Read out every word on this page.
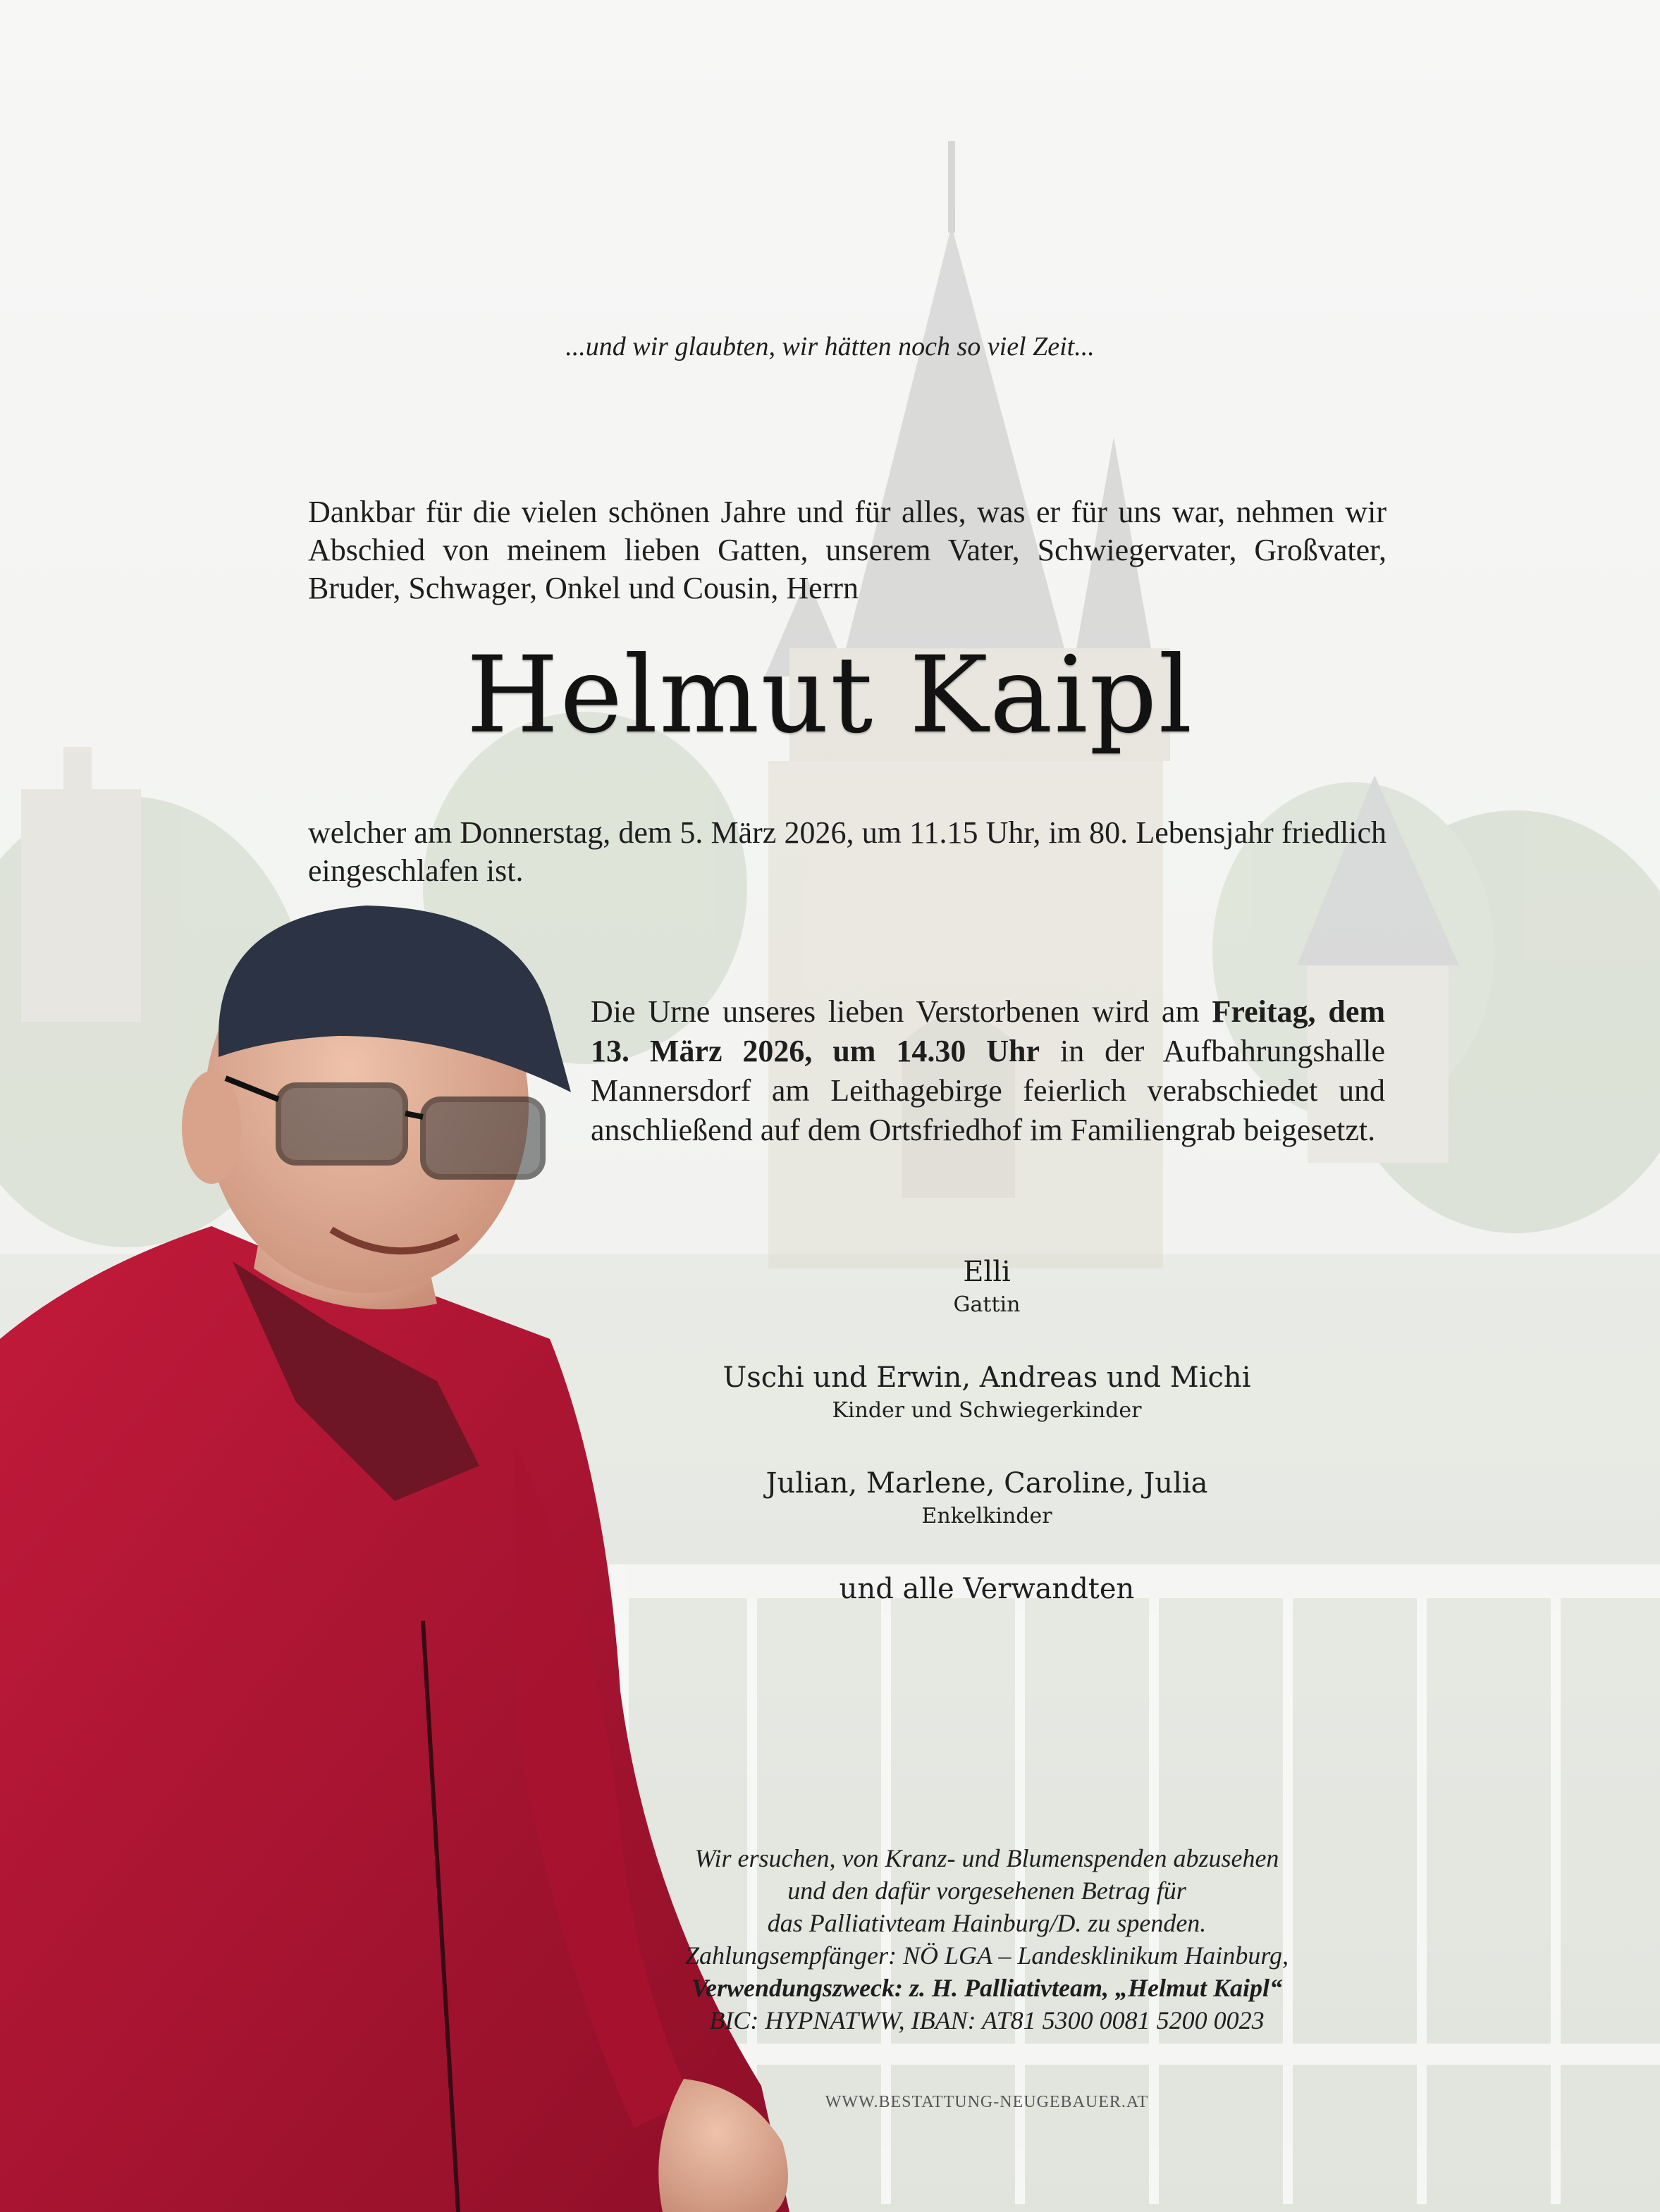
...und wir glaubten, wir hätten noch so viel Zeit...
Dankbar für die vielen schönen Jahre und für alles, was er für uns war, nehmen wir Abschied von meinem lieben Gatten, unserem Vater, Schwiegervater, Großvater, Bruder, Schwager, Onkel und Cousin, Herrn
Helmut Kaipl
welcher am Donnerstag, dem 5. März 2026, um 11.15 Uhr, im 80. Lebensjahr friedlich eingeschlafen ist.
Die Urne unseres lieben Verstorbenen wird am Freitag, dem 13. März 2026, um 14.30 Uhr in der Aufbahrungshalle Mannersdorf am Leithagebirge feierlich verabschiedet und anschließend auf dem Ortsfriedhof im Familiengrab beigesetzt.
Elli
Gattin
Uschi und Erwin, Andreas und Michi
Kinder und Schwiegerkinder
Julian, Marlene, Caroline, Julia
Enkelkinder
und alle Verwandten
Wir ersuchen, von Kranz- und Blumenspenden abzusehen
und den dafür vorgesehenen Betrag für
das Palliativteam Hainburg/D. zu spenden.
Zahlungsempfänger: NÖ LGA – Landesklinikum Hainburg,
Verwendungszweck: z. H. Palliativteam, „Helmut Kaipl“
BIC: HYPNATWW, IBAN: AT81 5300 0081 5200 0023
WWW.BESTATTUNG-NEUGEBAUER.AT
